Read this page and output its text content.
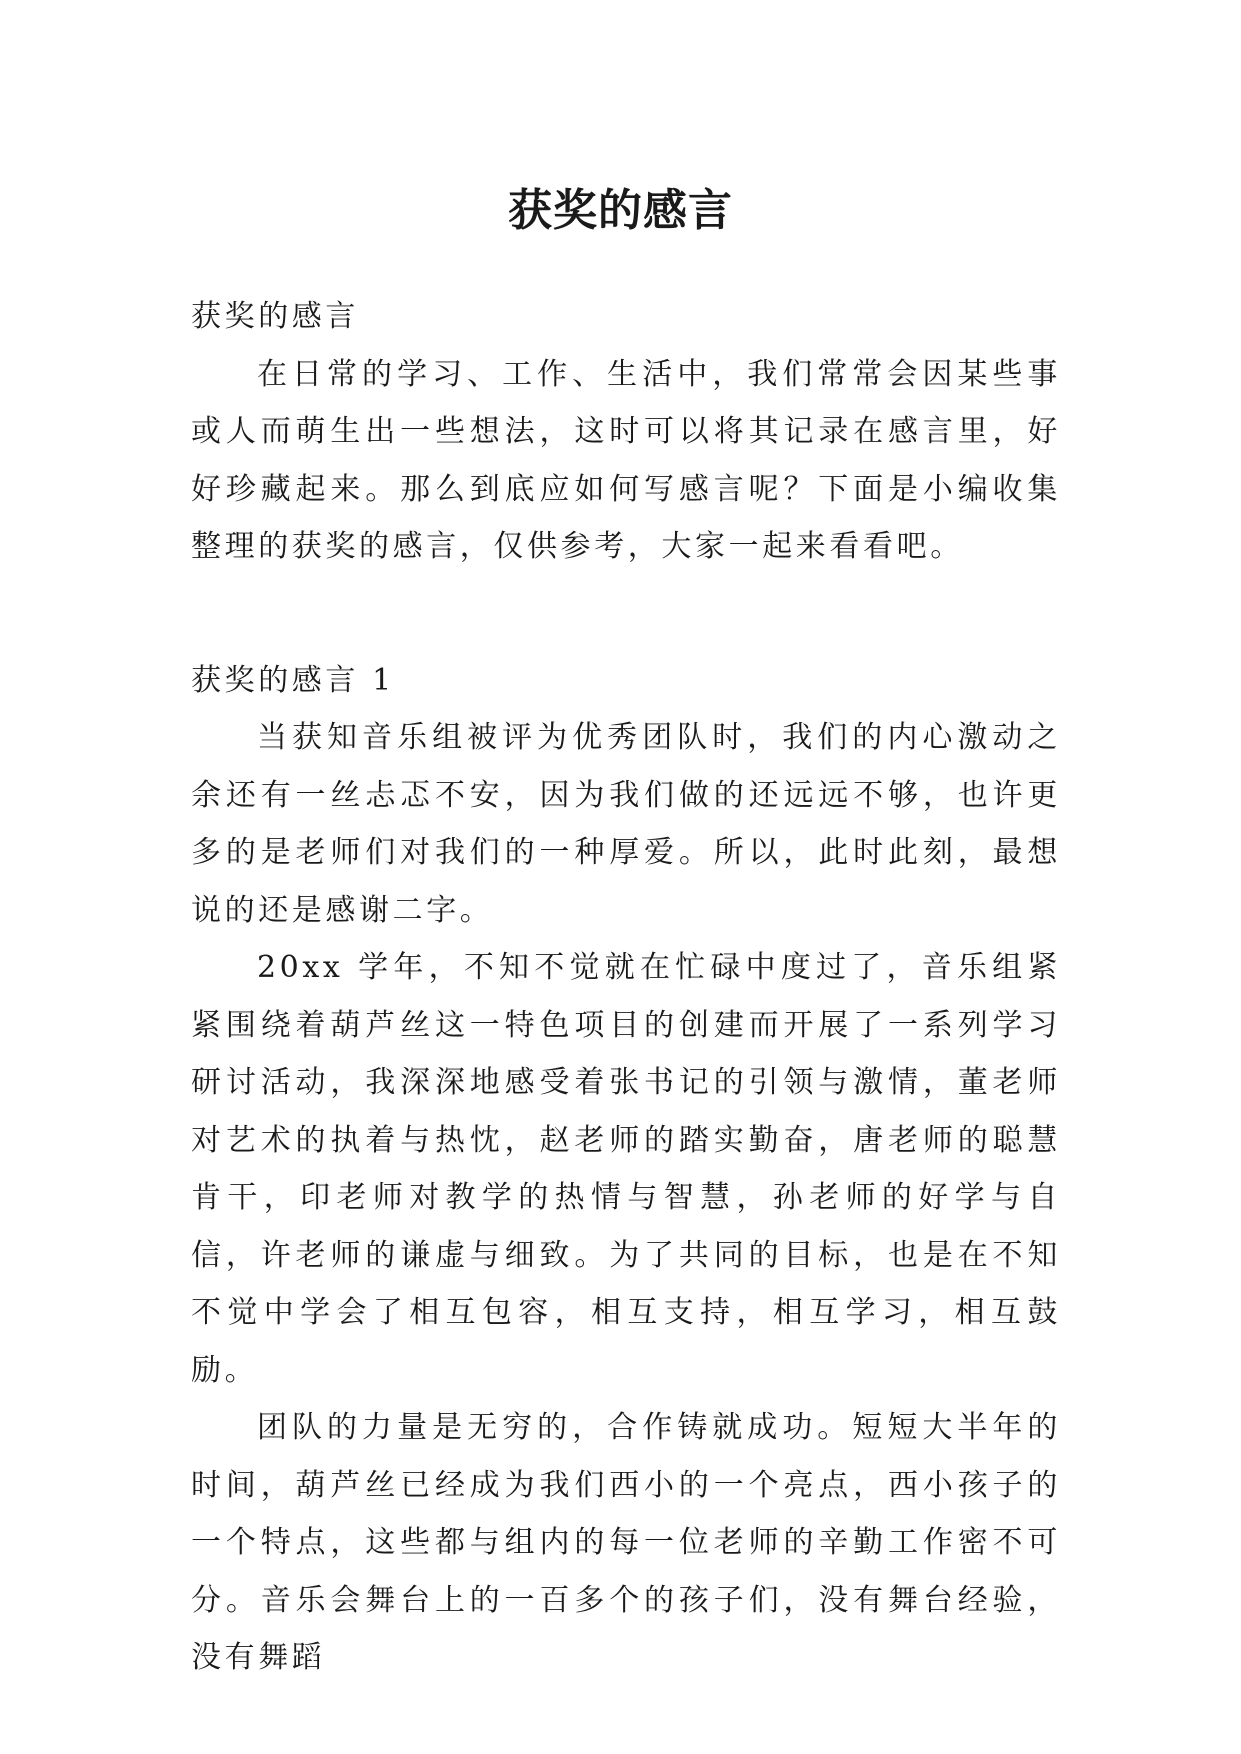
获奖的感言

获奖的感言

在日常的学习、工作、生活中，我们常常会因某些事或人而萌生出一些想法，这时可以将其记录在感言里，好好珍藏起来。那么到底应如何写感言呢？下面是小编收集整理的获奖的感言，仅供参考，大家一起来看看吧。

获奖的感言 1

当获知音乐组被评为优秀团队时，我们的内心激动之余还有一丝忐忑不安，因为我们做的还远远不够，也许更多的是老师们对我们的一种厚爱。所以，此时此刻，最想说的还是感谢二字。

20xx 学年，不知不觉就在忙碌中度过了，音乐组紧紧围绕着葫芦丝这一特色项目的创建而开展了一系列学习研讨活动，我深深地感受着张书记的引领与激情，董老师对艺术的执着与热忱，赵老师的踏实勤奋，唐老师的聪慧肯干，印老师对教学的热情与智慧，孙老师的好学与自信，许老师的谦虚与细致。为了共同的目标，也是在不知不觉中学会了相互包容，相互支持，相互学习，相互鼓励。

团队的力量是无穷的，合作铸就成功。短短大半年的时间，葫芦丝已经成为我们西小的一个亮点，西小孩子的一个特点，这些都与组内的每一位老师的辛勤工作密不可分。音乐会舞台上的一百多个的孩子们，没有舞台经验，没有舞蹈
